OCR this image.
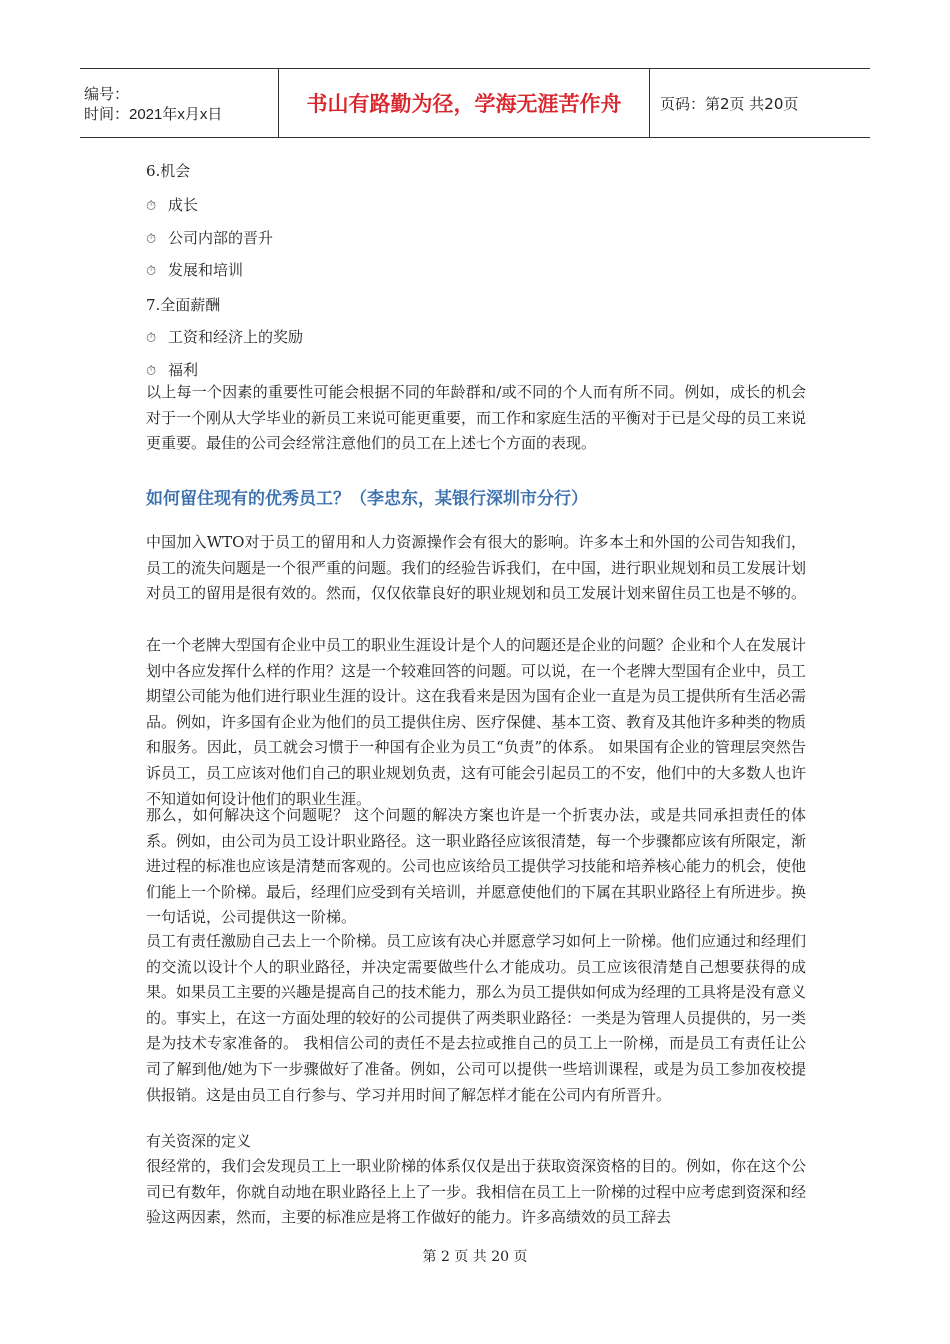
编号：
时间：2021年x月x日	书山有路勤为径，学海无涯苦作舟	页码：第2页 共20页
6.机会
⏱ 成长
⏱ 公司内部的晋升
⏱ 发展和培训
7.全面薪酬
⏱ 工资和经济上的奖励
⏱ 福利
以上每一个因素的重要性可能会根据不同的年龄群和/或不同的个人而有所不同。例如，成长的机会对于一个刚从大学毕业的新员工来说可能更重要，而工作和家庭生活的平衡对于已是父母的员工来说更重要。最佳的公司会经常注意他们的员工在上述七个方面的表现。
如何留住现有的优秀员工？（李忠东，某银行深圳市分行）
中国加入WTO对于员工的留用和人力资源操作会有很大的影响。许多本土和外国的公司告知我们，员工的流失问题是一个很严重的问题。我们的经验告诉我们，在中国，进行职业规划和员工发展计划对员工的留用是很有效的。然而，仅仅依靠良好的职业规划和员工发展计划来留住员工也是不够的。
在一个老牌大型国有企业中员工的职业生涯设计是个人的问题还是企业的问题？企业和个人在发展计划中各应发挥什么样的作用？这是一个较难回答的问题。可以说，在一个老牌大型国有企业中，员工期望公司能为他们进行职业生涯的设计。这在我看来是因为国有企业一直是为员工提供所有生活必需品。例如，许多国有企业为他们的员工提供住房、医疗保健、基本工资、教育及其他许多种类的物质和服务。因此，员工就会习惯于一种国有企业为员工“负责”的体系。 如果国有企业的管理层突然告诉员工，员工应该对他们自己的职业规划负责，这有可能会引起员工的不安，他们中的大多数人也许不知道如何设计他们的职业生涯。
那么，如何解决这个问题呢？ 这个问题的解决方案也许是一个折衷办法，或是共同承担责任的体系。例如，由公司为员工设计职业路径。这一职业路径应该很清楚，每一个步骤都应该有所限定，渐进过程的标准也应该是清楚而客观的。公司也应该给员工提供学习技能和培养核心能力的机会，使他们能上一个阶梯。最后，经理们应受到有关培训，并愿意使他们的下属在其职业路径上有所进步。换一句话说，公司提供这一阶梯。
员工有责任激励自己去上一个阶梯。员工应该有决心并愿意学习如何上一阶梯。他们应通过和经理们的交流以设计个人的职业路径，并决定需要做些什么才能成功。员工应该很清楚自己想要获得的成果。如果员工主要的兴趣是提高自己的技术能力，那么为员工提供如何成为经理的工具将是没有意义的。事实上，在这一方面处理的较好的公司提供了两类职业路径：一类是为管理人员提供的，另一类是为技术专家准备的。 我相信公司的责任不是去拉或推自己的员工上一阶梯，而是员工有责任让公司了解到他/她为下一步骤做好了准备。例如，公司可以提供一些培训课程，或是为员工参加夜校提供报销。这是由员工自行参与、学习并用时间了解怎样才能在公司内有所晋升。
有关资深的定义
很经常的，我们会发现员工上一职业阶梯的体系仅仅是出于获取资深资格的目的。例如，你在这个公司已有数年，你就自动地在职业路径上上了一步。我相信在员工上一阶梯的过程中应考虑到资深和经验这两因素，然而，主要的标准应是将工作做好的能力。许多高绩效的员工辞去
第 2 页 共 20 页
